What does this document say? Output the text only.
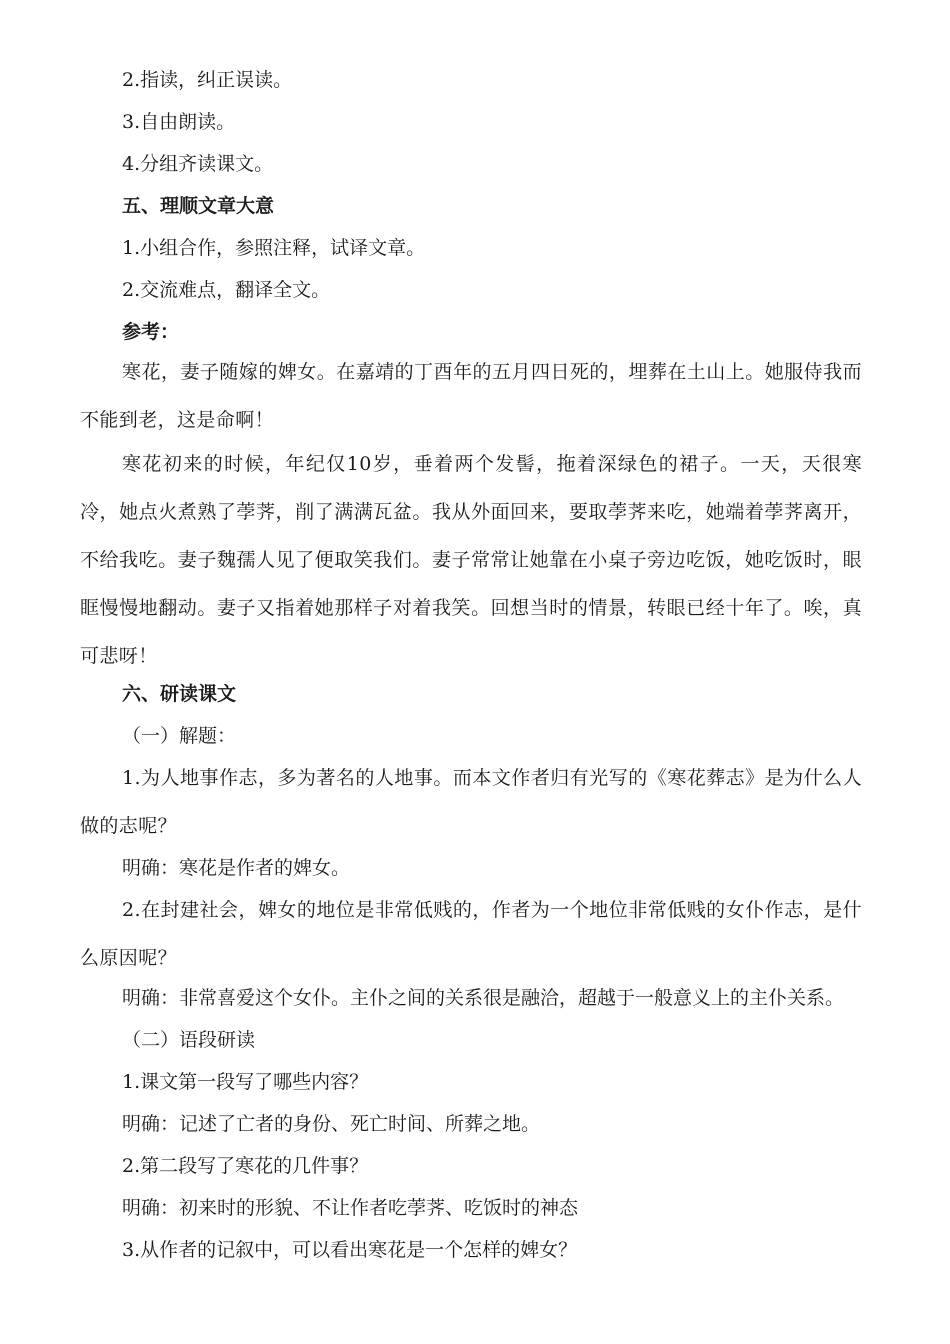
2.指读，纠正误读。
3.自由朗读。
4.分组齐读课文。
五、理顺文章大意
1.小组合作，参照注释，试译文章。
2.交流难点，翻译全文。
参考：
寒花，妻子随嫁的婢女。在嘉靖的丁酉年的五月四日死的，埋葬在土山上。她服侍我而不能到老，这是命啊！
寒花初来的时候，年纪仅10岁，垂着两个发髻，拖着深绿色的裙子。一天，天很寒冷，她点火煮熟了荸荠，削了满满瓦盆。我从外面回来，要取荸荠来吃，她端着荸荠离开，不给我吃。妻子魏孺人见了便取笑我们。妻子常常让她靠在小桌子旁边吃饭，她吃饭时，眼眶慢慢地翻动。妻子又指着她那样子对着我笑。回想当时的情景，转眼已经十年了。唉，真可悲呀！
六、研读课文
（一）解题：
1.为人地事作志，多为著名的人地事。而本文作者归有光写的《寒花葬志》是为什么人做的志呢？
明确：寒花是作者的婢女。
2.在封建社会，婢女的地位是非常低贱的，作者为一个地位非常低贱的女仆作志，是什么原因呢？
明确：非常喜爱这个女仆。主仆之间的关系很是融洽，超越于一般意义上的主仆关系。
（二）语段研读
1.课文第一段写了哪些内容？
明确：记述了亡者的身份、死亡时间、所葬之地。
2.第二段写了寒花的几件事？
明确：初来时的形貌、不让作者吃荸荠、吃饭时的神态
3.从作者的记叙中，可以看出寒花是一个怎样的婢女？
